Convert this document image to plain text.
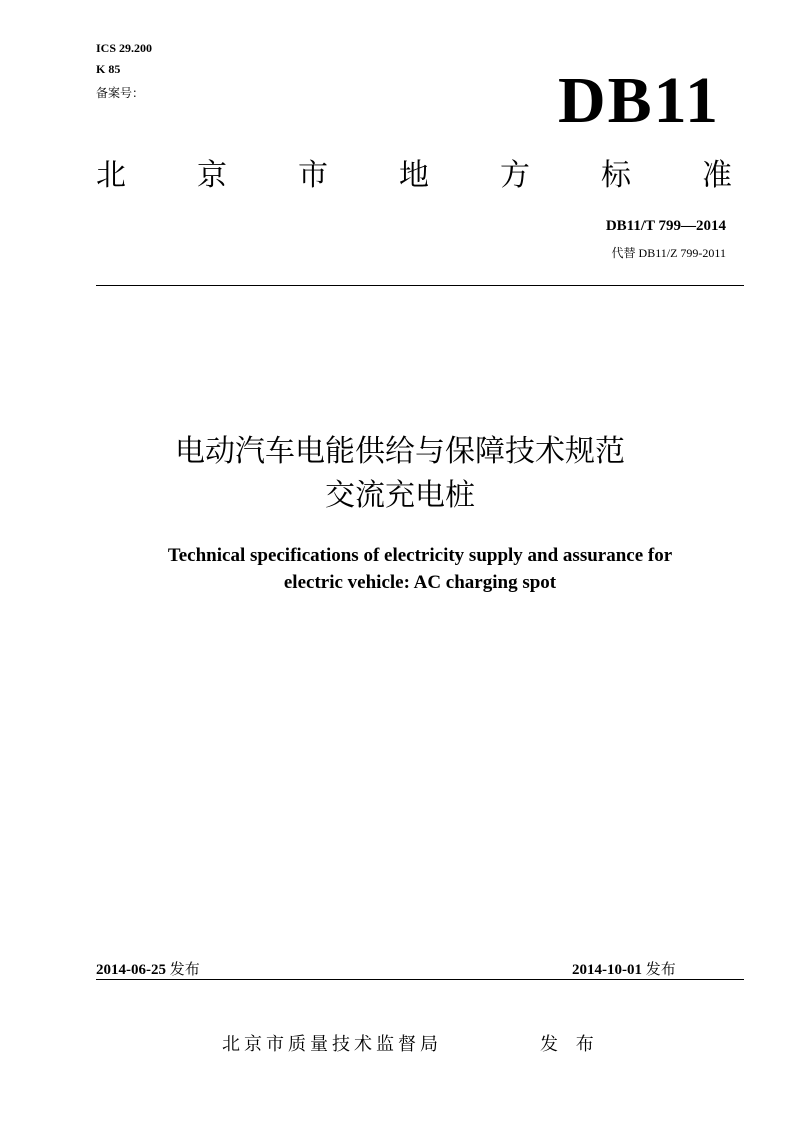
ICS 29.200
K 85
备案号：	DB11
北 京 市 地 方 标 准
DB11/T 799—2014
代替 DB11/Z 799-2011
电动汽车电能供给与保障技术规范
交流充电桩
Technical specifications of electricity supply and assurance for
electric vehicle: AC charging spot
2014-06-25 发布	2014-10-01 发布
北京市质量技术监督局	发 布
